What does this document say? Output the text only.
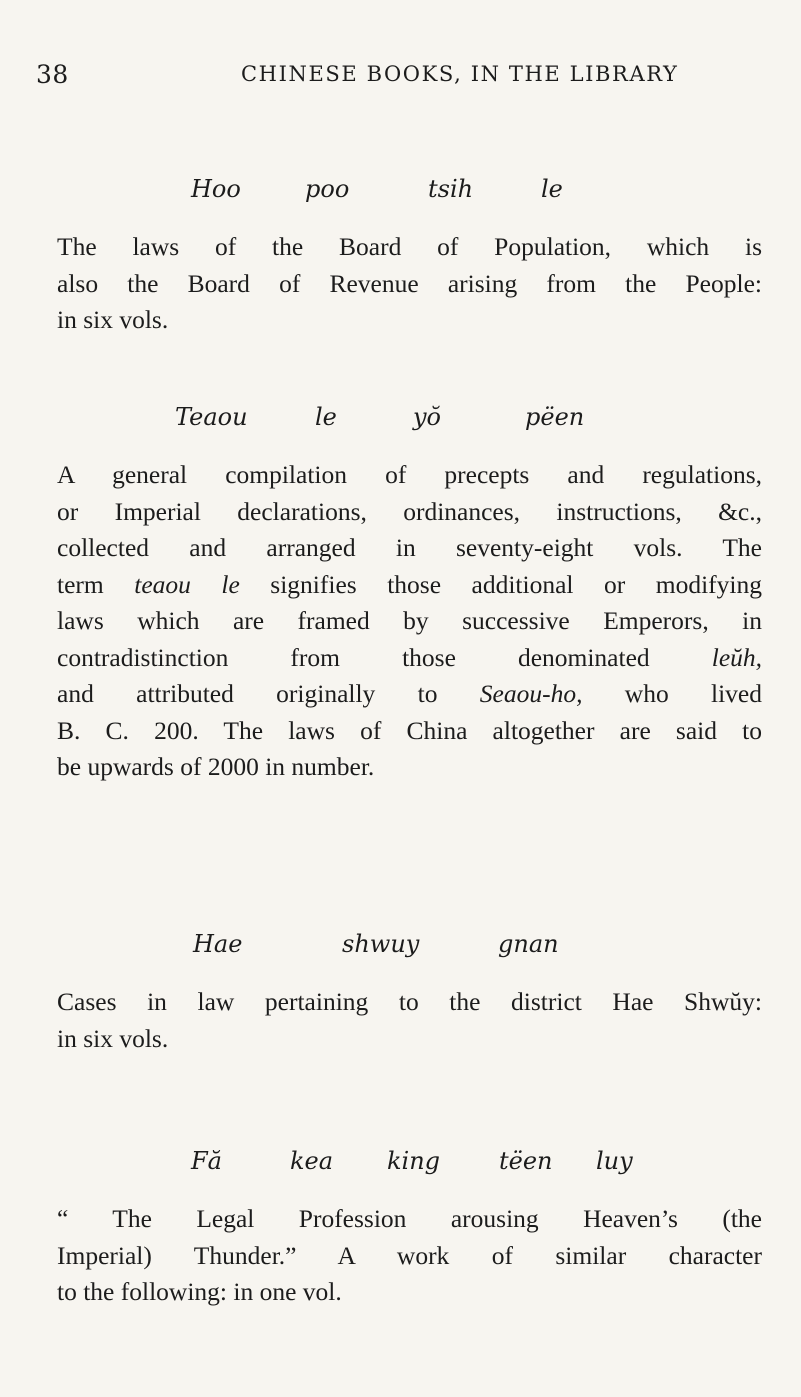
38	CHINESE BOOKS, IN THE LIBRARY
Hoo	poo	tsih	le

The laws of the Board of Population, which is
also the Board of Revenue arising from the People:
in six vols.

Teaou	le	yŏ	pëen

A general compilation of precepts and regulations,
or Imperial declarations, ordinances, instructions, &c.,
collected and arranged in seventy-eight vols. The
term teaou le signifies those additional or modifying
laws which are framed by successive Emperors, in
contradistinction from those denominated leŭh,
and attributed originally to Seaou-ho, who lived
B. C. 200. The laws of China altogether are said to
be upwards of 2000 in number.

Hae	shwuy	gnan

Cases in law pertaining to the district Hae Shwŭy:
in six vols.

Fă	kea king tëen luy

“ The Legal Profession arousing Heaven’s (the
Imperial) Thunder.” A work of similar character
to the following: in one vol.
